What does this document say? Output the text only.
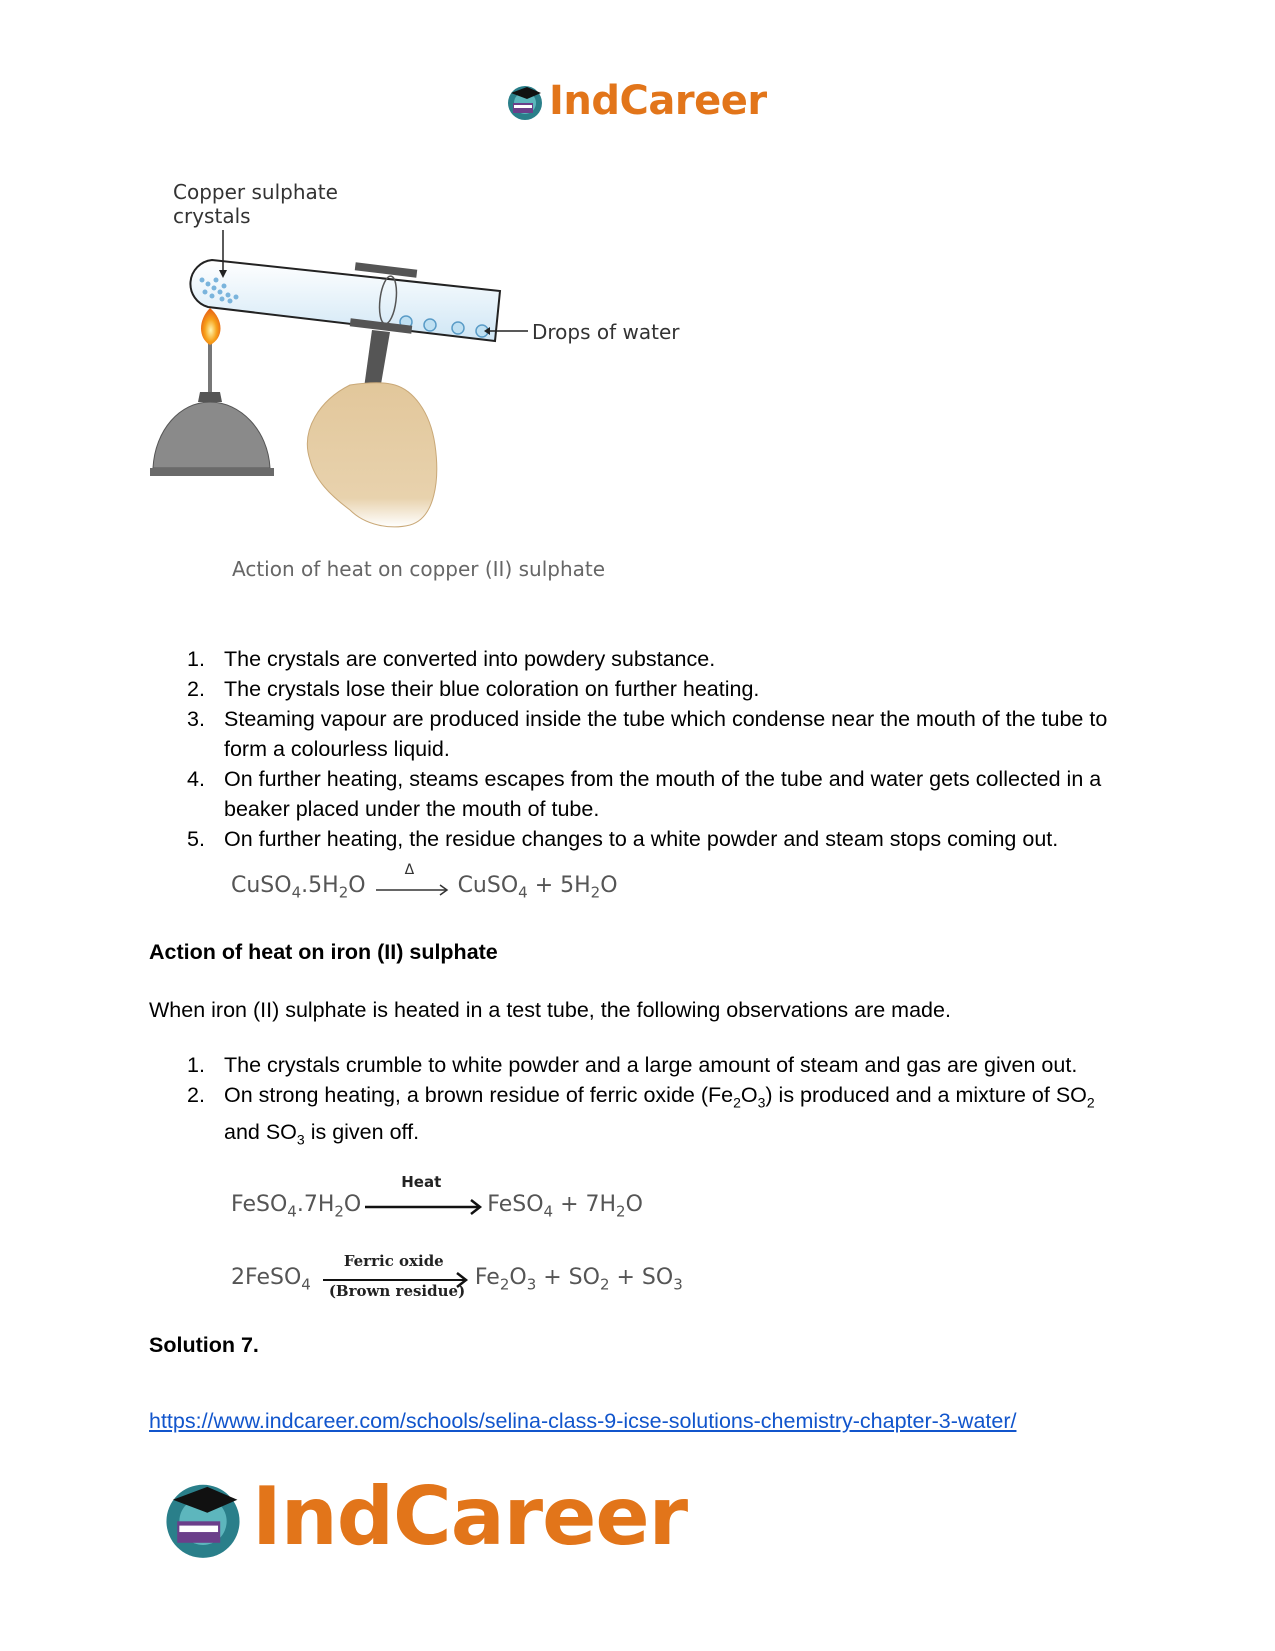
IndCareer
Copper sulphate
crystals
Drops of water
Action of heat on copper (II) sulphate
1. The crystals are converted into powdery substance.
2. The crystals lose their blue coloration on further heating.
3. Steaming vapour are produced inside the tube which condense near the mouth of the tube to form a colourless liquid.
4. On further heating, steams escapes from the mouth of the tube and water gets collected in a beaker placed under the mouth of tube.
5. On further heating, the residue changes to a white powder and steam stops coming out.
$CuSO_4.5H_2O$
Δ
CuSO$_4$ + $5H_2O$
Action of heat on iron (II) sulphate
When iron (II) sulphate is heated in a test tube, the following observations are made.
1. The crystals crumble to white powder and a large amount of steam and gas are given out.
2. On strong heating, a brown residue of ferric oxide $(Fe_2O_3)$ is produced and a mixture of $SO_2$ and $SO_3$ is given off.
$FeSO_4.7H_2O$
Heat
FeSO$_4$ + $7H_2O$
2FeSO$_4$
Ferric oxide
(Brown residue)
$Fe_2O_3 + SO_2 + SO_3$
Solution 7.
https://www.indcareer.com/schools/selina-class-9-icse-solutions-chemistry-chapter-3-water/
IndCareer
